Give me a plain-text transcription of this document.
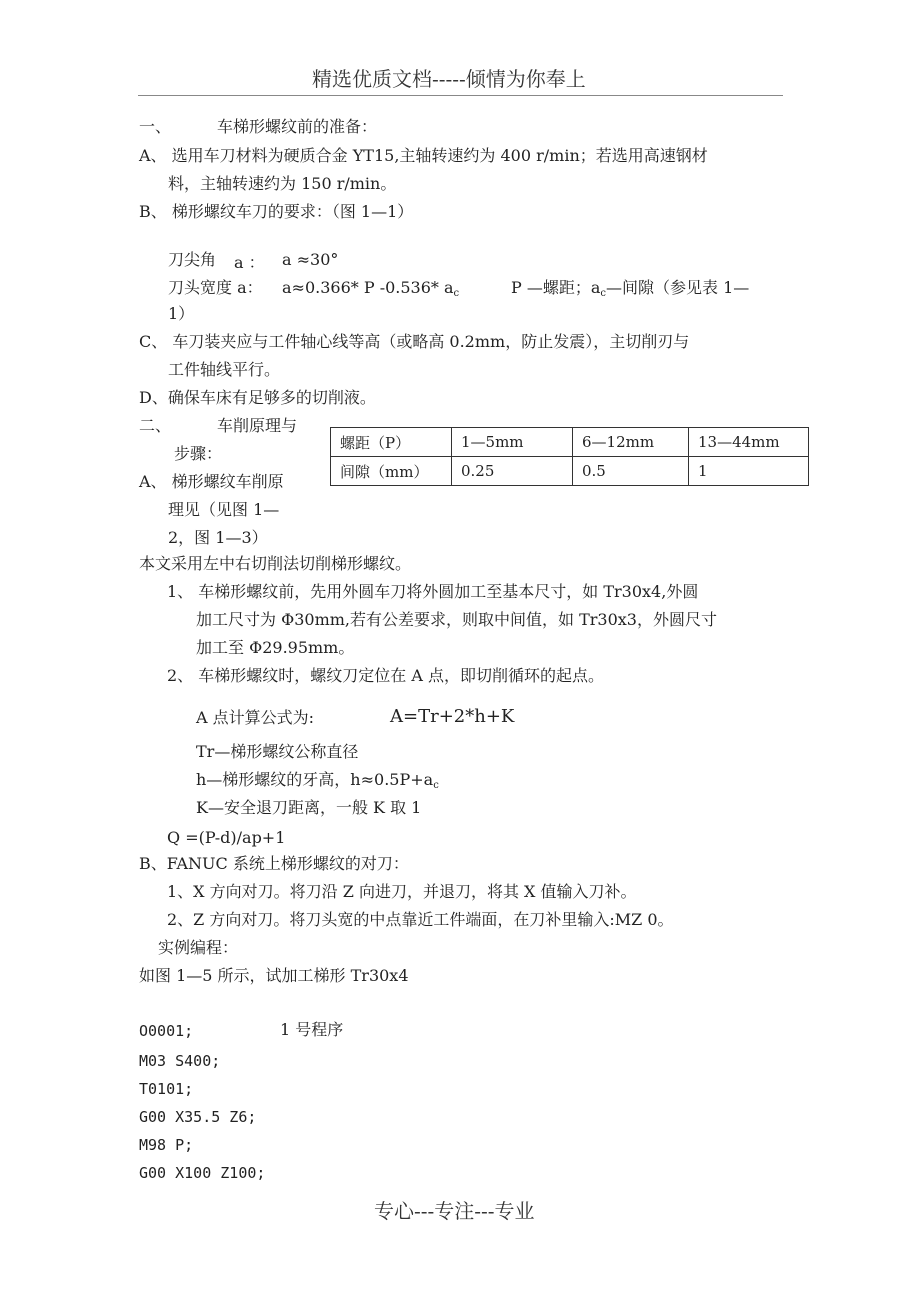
精选优质文档-----倾情为你奉上
一、	车梯形螺纹前的准备：
A、 选用车刀材料为硬质合金 YT15,主轴转速约为 400 r/min；若选用高速钢材
料，主轴转速约为 150 r/min。
B、 梯形螺纹车刀的要求：（图 1—1）
刀尖角 a ： a ≈30°
刀头宽度 a： a≈0.366* P -0.536* $a_c$	P —螺距；$a_c—$间隙（参见表 1—
1）
C、 车刀装夹应与工件轴心线等高（或略高 0.2mm，防止发震），主切削刃与
工件轴线平行。
D、确保车床有足够多的切削液。
二、	车削原理与
步骤：
A、 梯形螺纹车削原
理见（见图 1—
2，图 1—3）
螺距（P）	1—5mm	6—12mm	13—44mm
间隙（mm）	0.25	0.5	1
本文采用左中右切削法切削梯形螺纹。
1、 车梯形螺纹前，先用外圆车刀将外圆加工至基本尺寸，如 Tr30x4,外圆
加工尺寸为 Φ30mm,若有公差要求，则取中间值，如 Tr30x3，外圆尺寸
加工至 Φ29.95mm。
2、 车梯形螺纹时，螺纹刀定位在 A 点，即切削循环的起点。
A 点计算公式为:	A=Tr+2*h+K
Tr—梯形螺纹公称直径
h—梯形螺纹的牙高，$h\approx 0.5P+a_c$
K—安全退刀距离，一般 K 取 1
Q =(P-d)/ap+1
B、FANUC 系统上梯形螺纹的对刀：
1、X 方向对刀。将刀沿 Z 向进刀，并退刀，将其 X 值输入刀补。
2、Z 方向对刀。将刀头宽的中点靠近工件端面，在刀补里输入:MZ 0。
实例编程：
如图 1—5 所示，试加工梯形 Tr30x4
O0001;	1 号程序
M03 S400;
T0101;
G00 X35.5 Z6;
M98 P;
G00 X100 Z100;
专心---专注---专业
